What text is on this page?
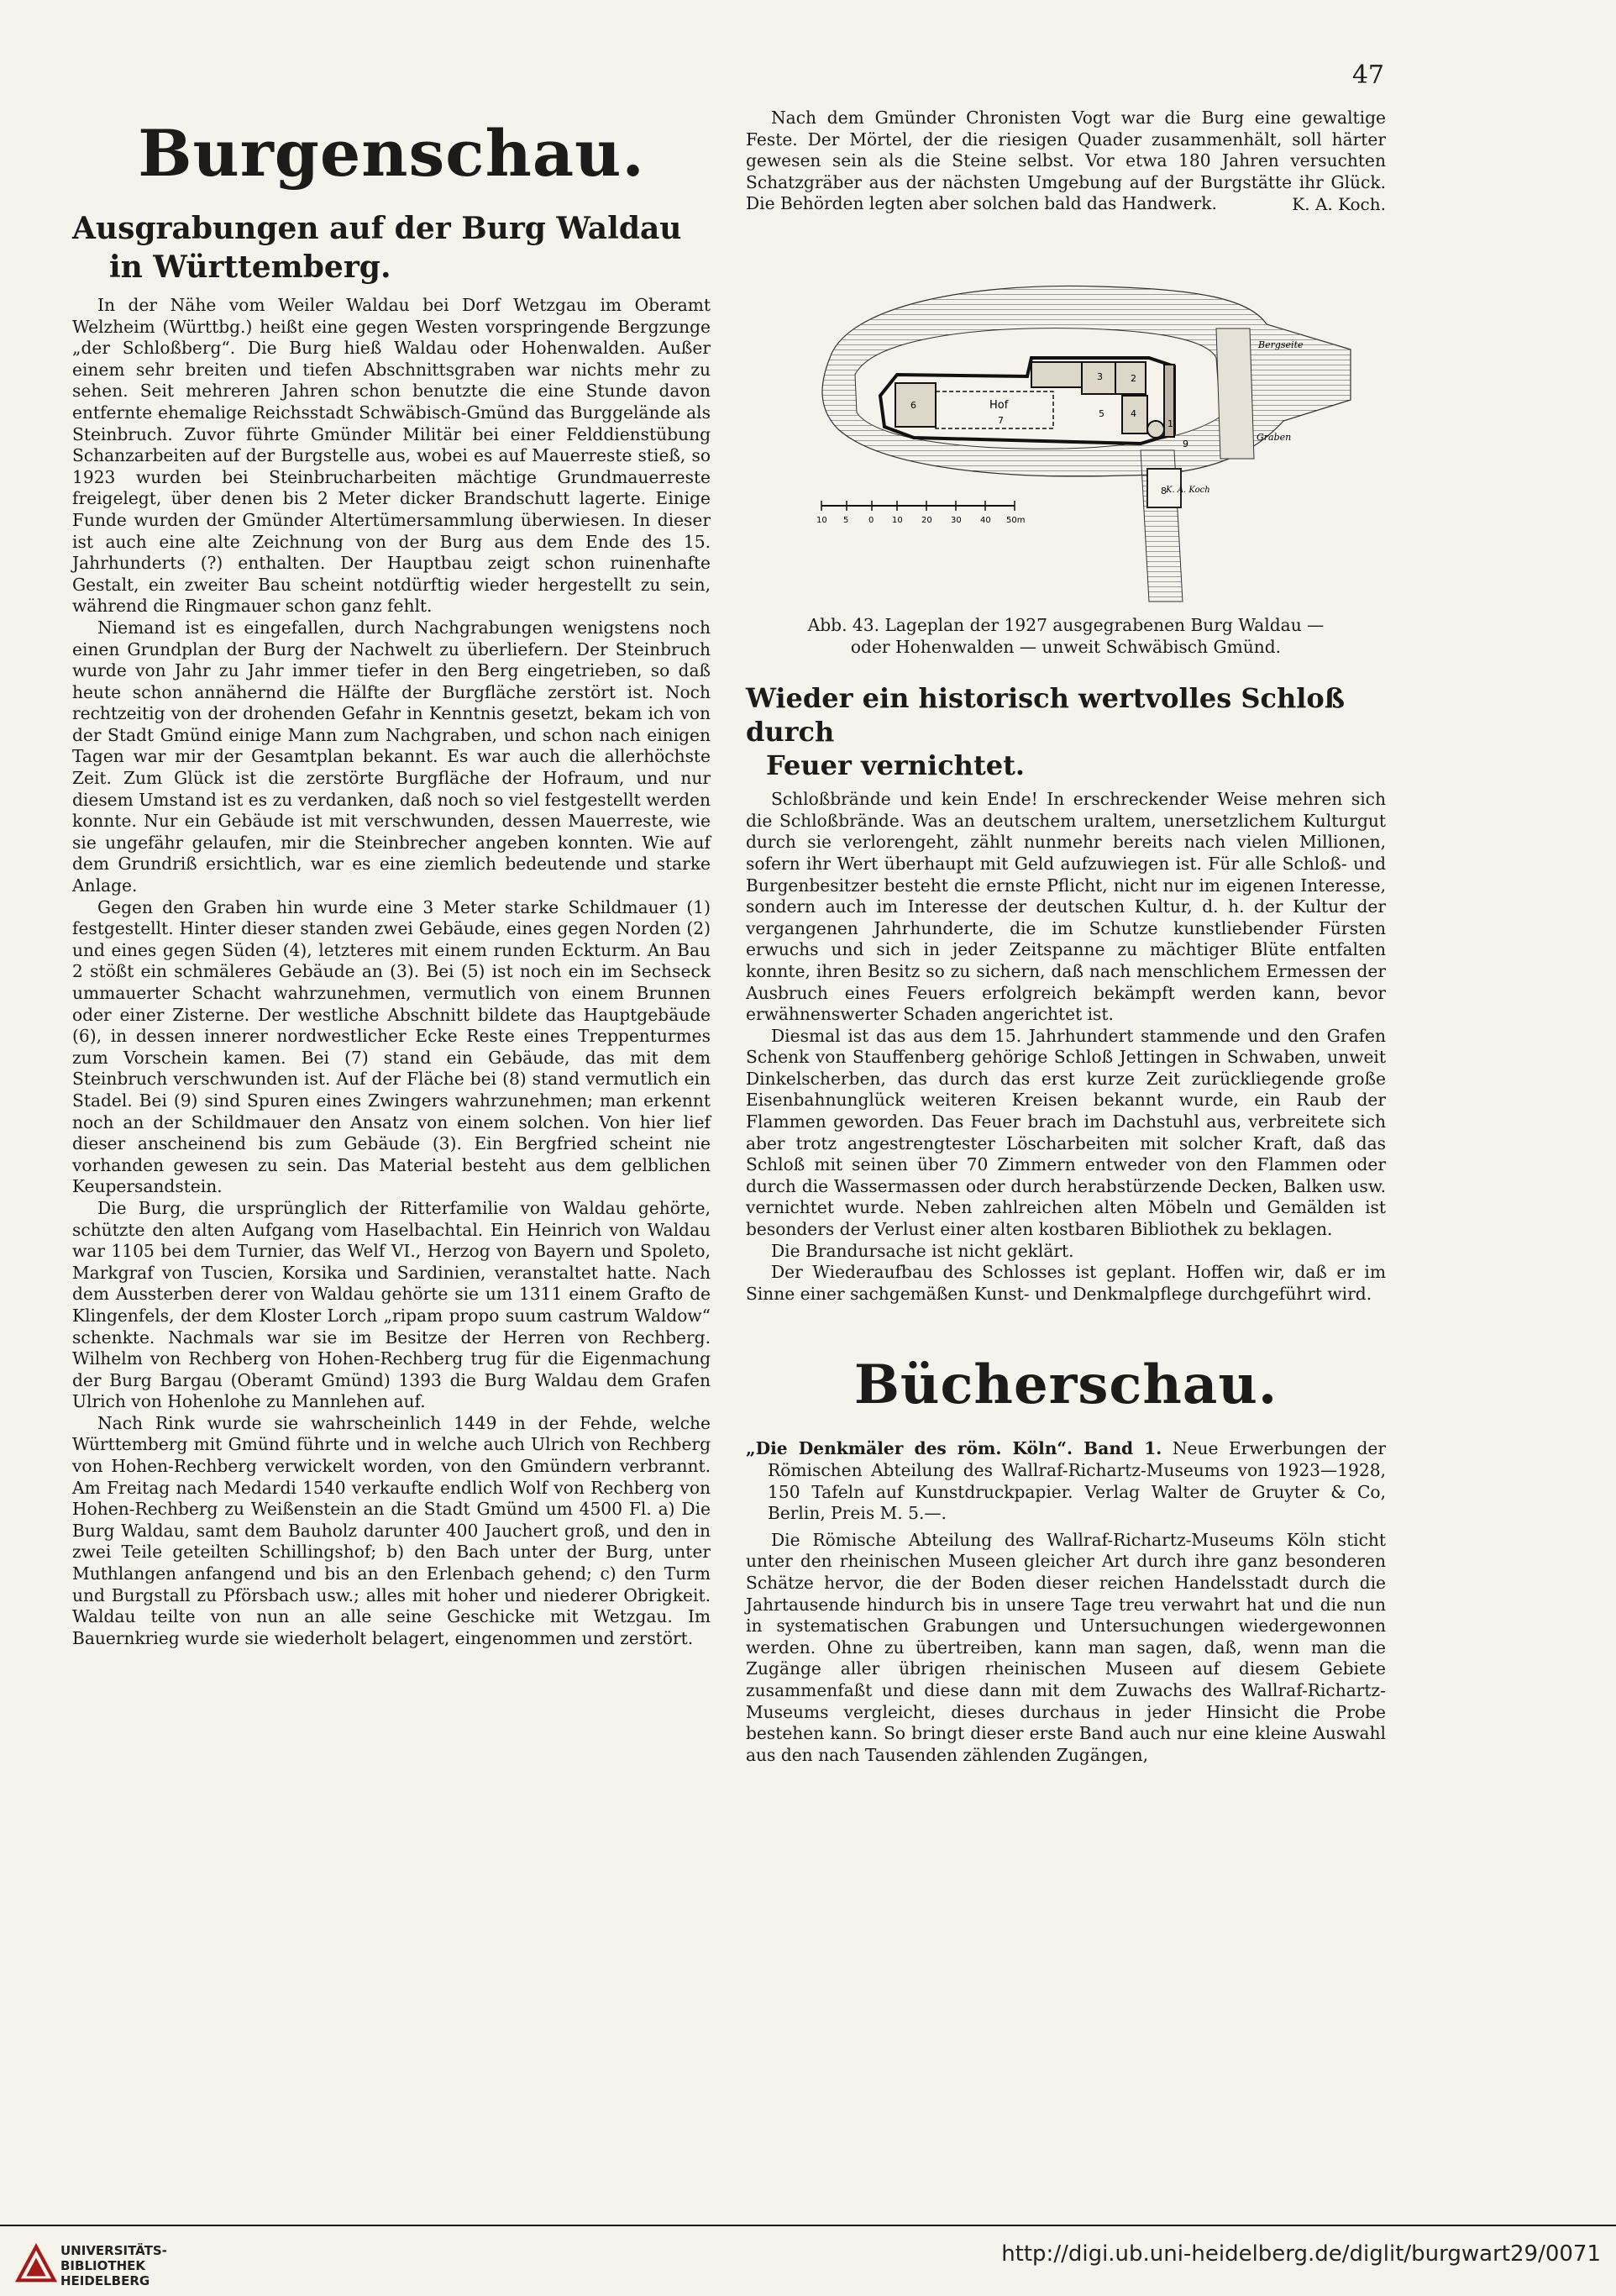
47
Burgenschau.
Ausgrabungen auf der Burg Waldau
in Württemberg.

In der Nähe vom Weiler Waldau bei Dorf Wetzgau im Oberamt Welzheim (Württbg.) heißt eine gegen Westen vorspringende Bergzunge „der Schloßberg“. Die Burg hieß Waldau oder Hohenwalden. Außer einem sehr breiten und tiefen Abschnittsgraben war nichts mehr zu sehen. Seit mehreren Jahren schon benutzte die eine Stunde davon entfernte ehemalige Reichsstadt Schwäbisch-Gmünd das Burggelände als Steinbruch. Zuvor führte Gmünder Militär bei einer Felddienstübung Schanzarbeiten auf der Burgstelle aus, wobei es auf Mauerreste stieß, so 1923 wurden bei Steinbrucharbeiten mächtige Grundmauerreste freigelegt, über denen bis 2 Meter dicker Brandschutt lagerte. Einige Funde wurden der Gmünder Altertümersammlung überwiesen. In dieser ist auch eine alte Zeichnung von der Burg aus dem Ende des 15. Jahrhunderts (?) enthalten. Der Hauptbau zeigt schon ruinenhafte Gestalt, ein zweiter Bau scheint notdürftig wieder hergestellt zu sein, während die Ringmauer schon ganz fehlt.

Niemand ist es eingefallen, durch Nachgrabungen wenigstens noch einen Grundplan der Burg der Nachwelt zu überliefern. Der Steinbruch wurde von Jahr zu Jahr immer tiefer in den Berg eingetrieben, so daß heute schon annähernd die Hälfte der Burgfläche zerstört ist. Noch rechtzeitig von der drohenden Gefahr in Kenntnis gesetzt, bekam ich von der Stadt Gmünd einige Mann zum Nachgraben, und schon nach einigen Tagen war mir der Gesamtplan bekannt. Es war auch die allerhöchste Zeit. Zum Glück ist die zerstörte Burgfläche der Hofraum, und nur diesem Umstand ist es zu verdanken, daß noch so viel festgestellt werden konnte. Nur ein Gebäude ist mit verschwunden, dessen Mauerreste, wie sie ungefähr gelaufen, mir die Steinbrecher angeben konnten. Wie auf dem Grundriß ersichtlich, war es eine ziemlich bedeutende und starke Anlage.

Gegen den Graben hin wurde eine 3 Meter starke Schildmauer (1) festgestellt. Hinter dieser standen zwei Gebäude, eines gegen Norden (2) und eines gegen Süden (4), letzteres mit einem runden Eckturm. An Bau 2 stößt ein schmäleres Gebäude an (3). Bei (5) ist noch ein im Sechseck ummauerter Schacht wahrzunehmen, vermutlich von einem Brunnen oder einer Zisterne. Der westliche Abschnitt bildete das Hauptgebäude (6), in dessen innerer nordwestlicher Ecke Reste eines Treppenturmes zum Vorschein kamen. Bei (7) stand ein Gebäude, das mit dem Steinbruch verschwunden ist. Auf der Fläche bei (8) stand vermutlich ein Stadel. Bei (9) sind Spuren eines Zwingers wahrzunehmen; man erkennt noch an der Schildmauer den Ansatz von einem solchen. Von hier lief dieser anscheinend bis zum Gebäude (3). Ein Bergfried scheint nie vorhanden gewesen zu sein. Das Material besteht aus dem gelblichen Keupersandstein.

Die Burg, die ursprünglich der Ritterfamilie von Waldau gehörte, schützte den alten Aufgang vom Haselbachtal. Ein Heinrich von Waldau war 1105 bei dem Turnier, das Welf VI., Herzog von Bayern und Spoleto, Markgraf von Tuscien, Korsika und Sardinien, veranstaltet hatte. Nach dem Aussterben derer von Waldau gehörte sie um 1311 einem Grafto de Klingenfels, der dem Kloster Lorch „ripam propo suum castrum Waldow“ schenkte. Nachmals war sie im Besitze der Herren von Rechberg. Wilhelm von Rechberg von Hohen-Rechberg trug für die Eigenmachung der Burg Bargau (Oberamt Gmünd) 1393 die Burg Waldau dem Grafen Ulrich von Hohenlohe zu Mannlehen auf.

Nach Rink wurde sie wahrscheinlich 1449 in der Fehde, welche Württemberg mit Gmünd führte und in welche auch Ulrich von Rechberg von Hohen-Rechberg verwickelt worden, von den Gmündern verbrannt. Am Freitag nach Medardi 1540 verkaufte endlich Wolf von Rechberg von Hohen-Rechberg zu Weißenstein an die Stadt Gmünd um 4500 Fl. a) Die Burg Waldau, samt dem Bauholz darunter 400 Jauchert groß, und den in zwei Teile geteilten Schillingshof; b) den Bach unter der Burg, unter Muthlangen anfangend und bis an den Erlenbach gehend; c) den Turm und Burgstall zu Pförsbach usw.; alles mit hoher und niederer Obrigkeit. Waldau teilte von nun an alle seine Geschicke mit Wetzgau. Im Bauernkrieg wurde sie wiederholt belagert, eingenommen und zerstört.

Nach dem Gmünder Chronisten Vogt war die Burg eine gewaltige Feste. Der Mörtel, der die riesigen Quader zusammenhält, soll härter gewesen sein als die Steine selbst. Vor etwa 180 Jahren versuchten Schatzgräber aus der nächsten Umgebung auf der Burgstätte ihr Glück. Die Behörden legten aber solchen bald das Handwerk.	K. A. Koch.
Hof
Bergseite
Graben
K. A. Koch
1
2
3
4
5
6
7
8
9
10 5 0 10 20 30 40 50m
Abb. 43. Lageplan der 1927 ausgegrabenen Burg Waldau —
oder Hohenwalden — unweit Schwäbisch Gmünd.
Wieder ein historisch wertvolles Schloß durch
Feuer vernichtet.

Schloßbrände und kein Ende! In erschreckender Weise mehren sich die Schloßbrände. Was an deutschem uraltem, unersetzlichem Kulturgut durch sie verlorengeht, zählt nunmehr bereits nach vielen Millionen, sofern ihr Wert überhaupt mit Geld aufzuwiegen ist. Für alle Schloß- und Burgenbesitzer besteht die ernste Pflicht, nicht nur im eigenen Interesse, sondern auch im Interesse der deutschen Kultur, d. h. der Kultur der vergangenen Jahrhunderte, die im Schutze kunstliebender Fürsten erwuchs und sich in jeder Zeitspanne zu mächtiger Blüte entfalten konnte, ihren Besitz so zu sichern, daß nach menschlichem Ermessen der Ausbruch eines Feuers erfolgreich bekämpft werden kann, bevor erwähnenswerter Schaden angerichtet ist.

Diesmal ist das aus dem 15. Jahrhundert stammende und den Grafen Schenk von Stauffenberg gehörige Schloß Jettingen in Schwaben, unweit Dinkelscherben, das durch das erst kurze Zeit zurückliegende große Eisenbahnunglück weiteren Kreisen bekannt wurde, ein Raub der Flammen geworden. Das Feuer brach im Dachstuhl aus, verbreitete sich aber trotz angestrengtester Löscharbeiten mit solcher Kraft, daß das Schloß mit seinen über 70 Zimmern entweder von den Flammen oder durch die Wassermassen oder durch herabstürzende Decken, Balken usw. vernichtet wurde. Neben zahlreichen alten Möbeln und Gemälden ist besonders der Verlust einer alten kostbaren Bibliothek zu beklagen.

Die Brandursache ist nicht geklärt.

Der Wiederaufbau des Schlosses ist geplant. Hoffen wir, daß er im Sinne einer sachgemäßen Kunst- und Denkmalpflege durchgeführt wird.

Bücherschau.

„Die Denkmäler des röm. Köln“. Band 1. Neue Erwerbungen der Römischen Abteilung des Wallraf-Richartz-Museums von 1923—1928, 150 Tafeln auf Kunstdruckpapier. Verlag Walter de Gruyter & Co, Berlin, Preis M. 5.—.

Die Römische Abteilung des Wallraf-Richartz-Museums Köln sticht unter den rheinischen Museen gleicher Art durch ihre ganz besonderen Schätze hervor, die der Boden dieser reichen Handelsstadt durch die Jahrtausende hindurch bis in unsere Tage treu verwahrt hat und die nun in systematischen Grabungen und Untersuchungen wiedergewonnen werden. Ohne zu übertreiben, kann man sagen, daß, wenn man die Zugänge aller übrigen rheinischen Museen auf diesem Gebiete zusammenfaßt und diese dann mit dem Zuwachs des Wallraf-Richartz-Museums vergleicht, dieses durchaus in jeder Hinsicht die Probe bestehen kann. So bringt dieser erste Band auch nur eine kleine Auswahl aus den nach Tausenden zählenden Zugängen,

UNIVERSITÄTS-
BIBLIOTHEK
HEIDELBERG
http://digi.ub.uni-heidelberg.de/diglit/burgwart29/0071
